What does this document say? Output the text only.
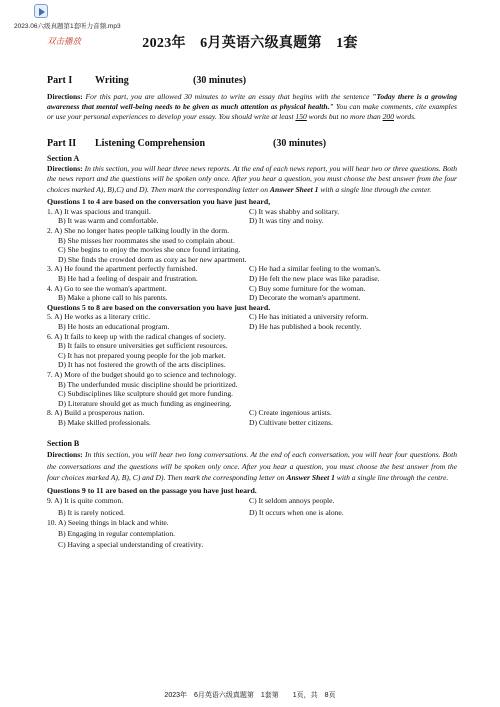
2023.06六级真题第1套听力音频.mp3
双击播放	2023年　6月英语六级真题第　1套
Part I	Writing	(30 minutes)

Directions: For this part, you are allowed 30 minutes to write an essay that begins with the sentence "Today there is a growing awareness that mental well-being needs to be given as much attention as physical health." You can make comments, cite examples or use your personal experiences to develop your essay. You should write at least 150 words but no more than 200 words.

Part II	Listening Comprehension	(30 minutes)
Section A

Directions: In this section, you will hear three news reports. At the end of each news report, you will hear two or three questions. Both the news report and the questions will be spoken only once. After you hear a question, you must choose the best answer from the four choices marked A), B),C) and D). Then mark the corresponding letter on Answer Sheet 1 with a single line through the center.

Questions 1 to 4 are based on the conversation you have just heard,
1. A) It was spacious and tranquil.	C) It was shabby and solitary.
B) It was warm and comfortable.	D) It was tiny and noisy.
2. A) She no longer hates people talking loudly in the dorm.
B) She misses her roommates she used to complain about.
C) She begins to enjoy the movies she once found irritating.
D) She finds the crowded dorm as cozy as her new apartment.
3. A) He found the apartment perfectly furnished.	C) He had a similar feeling to the woman's.
B) He had a feeling of despair and frustration.	D) He felt the new place was like paradise.
4. A) Go to see the woman's apartment.	C) Buy some furniture for the woman.
B) Make a phone call to his parents.	D) Decorate the woman's apartment.
Questions 5 to 8 are based on the conversation you have just heard.
5. A) He works as a literary critic.	C) He has initiated a university reform.
B) He hosts an educational program.	D) He has published a book recently.
6. A) It fails to keep up with the radical changes of society.
B) It fails to ensure universities get sufficient resources.
C) It has not prepared young people for the job market.
D) It has not fostered the growth of the arts disciplines.
7. A) More of the budget should go to science and technology.
B) The underfunded music discipline should be prioritized.
C) Subdisciplines like sculpture should get more funding.
D) Literature should get as much funding as engineering.
8. A) Build a prosperous nation.	C) Create ingenious artists.
B) Make skilled professionals.	D) Cultivate better citizens.
Section B

Directions: In this section, you will hear two long conversations. At the end of each conversation, you will hear four questions. Both the conversations and the questions will be spoken only once. After you hear a question, you must choose the best answer from the four choices marked A), B), C) and D). Then mark the corresponding letter on Answer Sheet 1 with a single line through the centre.

Questions 9 to 11 are based on the passage you have just heard.
9. A) It is quite common.	C) It seldom annoys people.
B) It is rarely noticed.	D) It occurs when one is alone.
10. A) Seeing things in black and white.
B) Engaging in regular contemplation.
C) Having a special understanding of creativity.
2023年　6月英语六级真题第　1套第　　1页，共　8页
